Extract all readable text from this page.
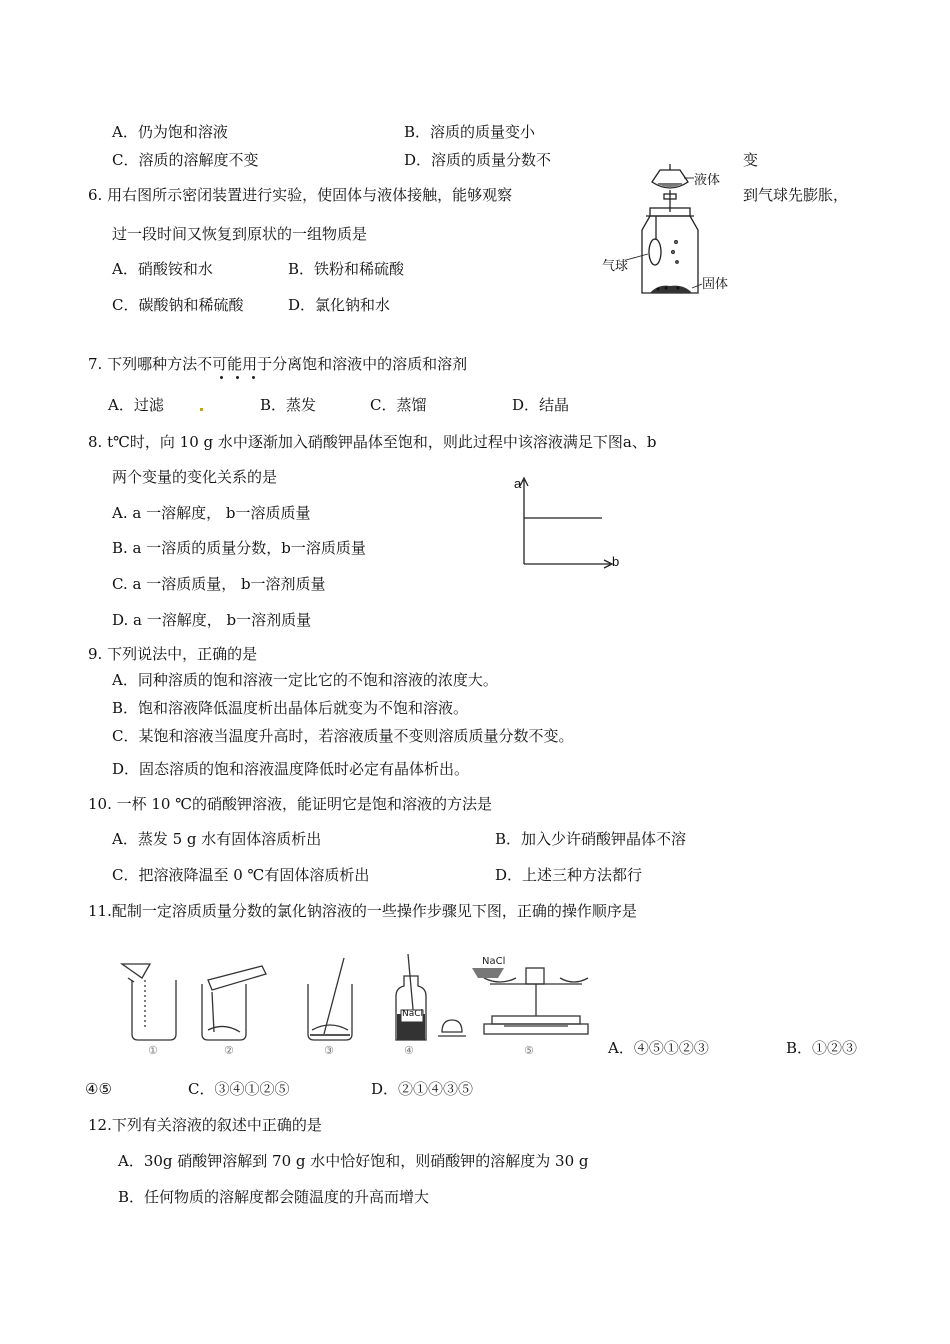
A．仍为饱和溶液	B．溶质的质量变小
C．溶质的溶解度不变	D．溶质的质量分数不	变
6. 用右图所示密闭装置进行实验，使固体与液体接触，能够观察	到气球先膨胀，
过一段时间又恢复到原状的一组物质是
A．硝酸铵和水	B．铁粉和稀硫酸
C．碳酸钠和稀硫酸	D．氯化钠和水
液体
气球
固体
7. 下列哪种方法不可能用于分离饱和溶液中的溶质和溶剂
A．过滤	B．蒸发	C．蒸馏	D．结晶
8. t℃时，向 10 g 水中逐渐加入硝酸钾晶体至饱和，则此过程中该溶液满足下图a、b
两个变量的变化关系的是
A. a 一溶解度， b一溶质质量
B. a 一溶质的质量分数，b一溶质质量
C. a 一溶质质量， b一溶剂质量
D. a 一溶解度， b一溶剂质量
a
b
9. 下列说法中，正确的是
A．同种溶质的饱和溶液一定比它的不饱和溶液的浓度大。
B．饱和溶液降低温度析出晶体后就变为不饱和溶液。
C．某饱和溶液当温度升高时，若溶液质量不变则溶质质量分数不变。
D．固态溶质的饱和溶液温度降低时必定有晶体析出。
10. 一杯 10 ℃的硝酸钾溶液，能证明它是饱和溶液的方法是
A．蒸发 5 g 水有固体溶质析出	B．加入少许硝酸钾晶体不溶
C．把溶液降温至 0 ℃有固体溶质析出	D．上述三种方法都行
11.配制一定溶质质量分数的氯化钠溶液的一些操作步骤见下图，正确的操作顺序是
NaCl
NaCl
①	②	③	④	⑤	A．④⑤①②③	B．①②③
④⑤	C．③④①②⑤	D．②①④③⑤
12.下列有关溶液的叙述中正确的是
A．30g 硝酸钾溶解到 70 g 水中恰好饱和，则硝酸钾的溶解度为 30 g
B．任何物质的溶解度都会随温度的升高而增大
